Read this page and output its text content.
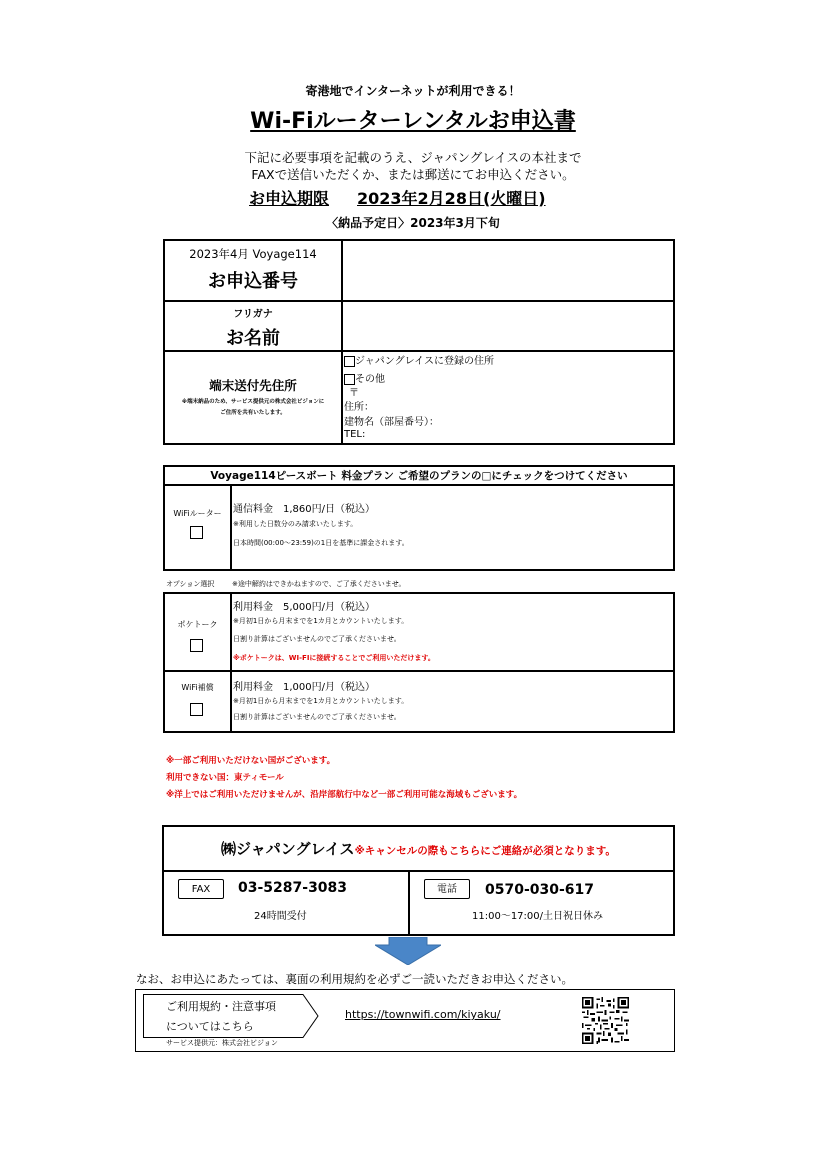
寄港地でインターネットが利用できる！
Wi-Fiルーターレンタルお申込書
下記に必要事項を記載のうえ、ジャパングレイスの本社まで
FAXで送信いただくか、または郵送にてお申込ください。
お申込期限 2023年2月28日(火曜日)
〈納品予定日〉2023年3月下旬
2023年4月 Voyage114
お申込番号
フリガナ
お名前
端末送付先住所
※端末納品のため、サービス提供元の株式会社ビジョンに
ご住所を共有いたします。
ジャパングレイスに登録の住所
その他
〒
住所：
建物名（部屋番号）：
TEL:
Voyage114ピースボート 料金プラン ご希望のプランの□にチェックをつけてください
WiFiルーター	通信料金　1,860円/日（税込）
※利用した日数分のみ請求いたします。
日本時間(00:00～23:59)の1日を基準に課金されます。
オプション選択	※途中解約はできかねますので、ご了承くださいませ。
ポケトーク
利用料金　5,000円/月（税込）
※月初1日から月末までを1カ月とカウントいたします。
日割り計算はございませんのでご了承くださいませ。
※ポケトークは、WI-FIに接続することでご利用いただけます。
WiFi補償	利用料金　1,000円/月（税込）
※月初1日から月末までを1カ月とカウントいたします。
日割り計算はございませんのでご了承くださいませ。
※一部ご利用いただけない国がございます。
利用できない国：東ティモール
※洋上ではご利用いただけませんが、沿岸部航行中など一部ご利用可能な海域もございます。
㈱ジャパングレイス※キャンセルの際もこちらにご連絡が必須となります。
FAX	03-5287-3083
24時間受付
電話	0570-030-617
11:00～17:00/土日祝日休み
なお、お申込にあたっては、裏面の利用規約を必ずご一読いただきお申込ください。
ご利用規約・注意事項
についてはこちら
サービス提供元：株式会社ビジョン
https://townwifi.com/kiyaku/
